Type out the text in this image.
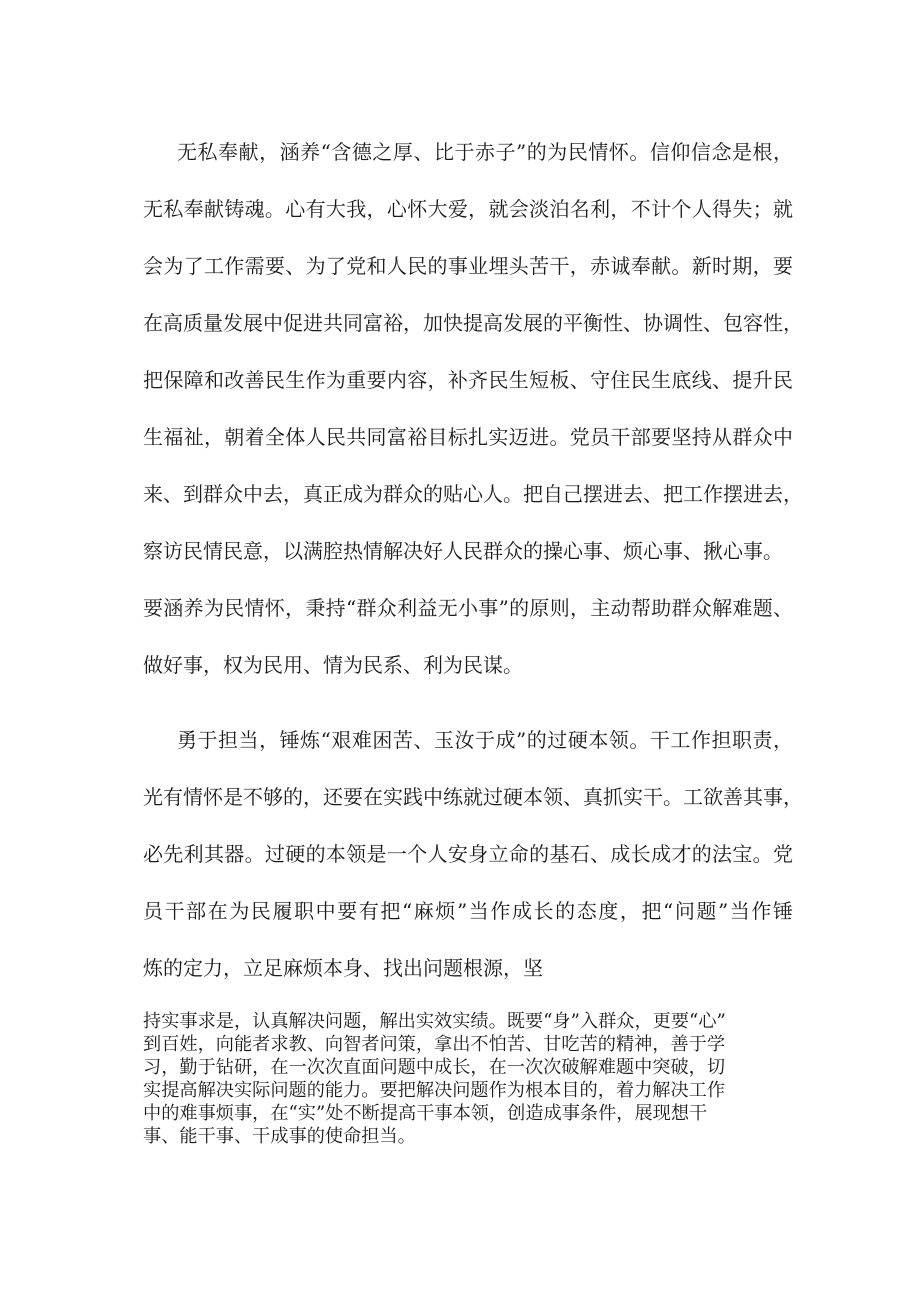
无私奉献，涵养“含德之厚、比于赤子”的为民情怀。信仰信念是根，

无私奉献铸魂。心有大我，心怀大爱，就会淡泊名利，不计个人得失；就

会为了工作需要、为了党和人民的事业埋头苦干，赤诚奉献。新时期，要

在高质量发展中促进共同富裕，加快提高发展的平衡性、协调性、包容性，

把保障和改善民生作为重要内容，补齐民生短板、守住民生底线、提升民

生福祉，朝着全体人民共同富裕目标扎实迈进。党员干部要坚持从群众中

来、到群众中去，真正成为群众的贴心人。把自己摆进去、把工作摆进去，

察访民情民意，以满腔热情解决好人民群众的操心事、烦心事、揪心事。

要涵养为民情怀，秉持“群众利益无小事”的原则，主动帮助群众解难题、

做好事，权为民用、情为民系、利为民谋。

勇于担当，锤炼“艰难困苦、玉汝于成”的过硬本领。干工作担职责，

光有情怀是不够的，还要在实践中练就过硬本领、真抓实干。工欲善其事，

必先利其器。过硬的本领是一个人安身立命的基石、成长成才的法宝。党

员干部在为民履职中要有把“麻烦”当作成长的态度，把“问题”当作锤

炼的定力，立足麻烦本身、找出问题根源，坚

持实事求是，认真解决问题，解出实效实绩。既要“身”入群众，更要“心”
到百姓，向能者求教、向智者问策，拿出不怕苦、甘吃苦的精神，善于学
习，勤于钻研，在一次次直面问题中成长，在一次次破解难题中突破，切
实提高解决实际问题的能力。要把解决问题作为根本目的，着力解决工作
中的难事烦事，在“实”处不断提高干事本领，创造成事条件，展现想干
事、能干事、干成事的使命担当。
